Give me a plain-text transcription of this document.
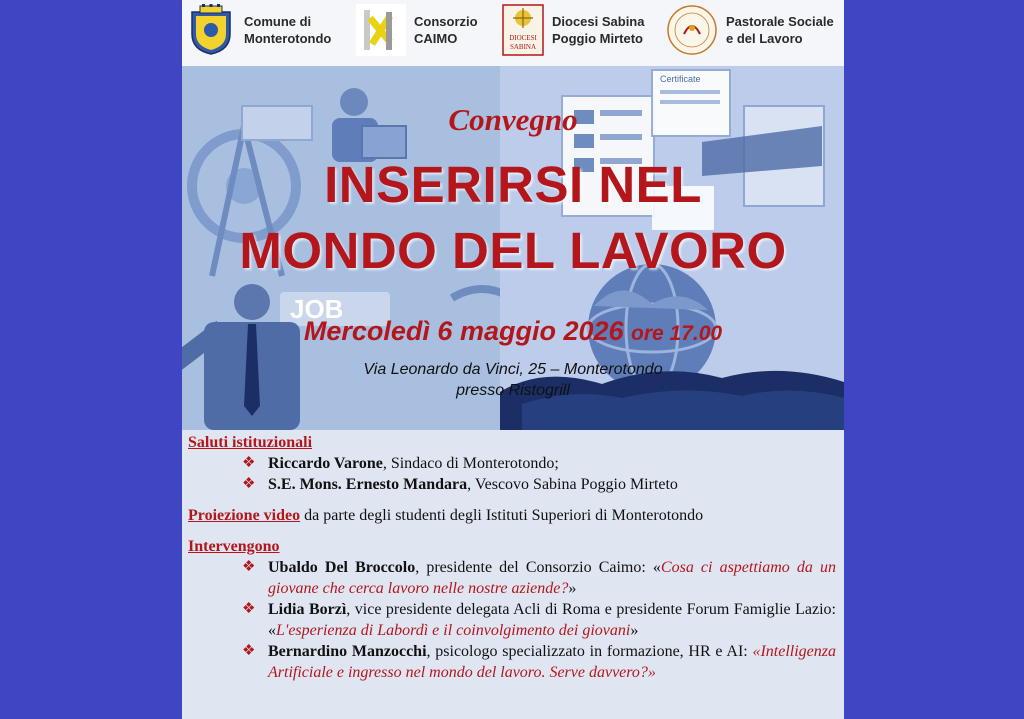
Comune di
Monterotondo
Consorzio
CAIMO	DIOCESI
SABINA
Diocesi Sabina
Poggio Mirteto
Pastorale Sociale
e del Lavoro
JOB
Certificate
Convegno
INSERIRSI NEL
MONDO DEL LAVORO
Mercoledì 6 maggio 2026 ore 17.00
Via Leonardo da Vinci, 25 – Monterotondo
presso Ristogrill
Saluti istituzionali
❖ Riccardo Varone, Sindaco di Monterotondo;
❖ S.E. Mons. Ernesto Mandara, Vescovo Sabina Poggio Mirteto
Proiezione video da parte degli studenti degli Istituti Superiori di Monterotondo
Intervengono
❖ Ubaldo Del Broccolo, presidente del Consorzio Caimo: «Cosa ci aspettiamo da un giovane che cerca lavoro nelle nostre aziende?»
❖ Lidia Borzì, vice presidente delegata Acli di Roma e presidente Forum Famiglie Lazio: «L'esperienza di Labordì e il coinvolgimento dei giovani»
❖ Bernardino Manzocchi, psicologo specializzato in formazione, HR e AI: «Intelligenza Artificiale e ingresso nel mondo del lavoro. Serve davvero?»
